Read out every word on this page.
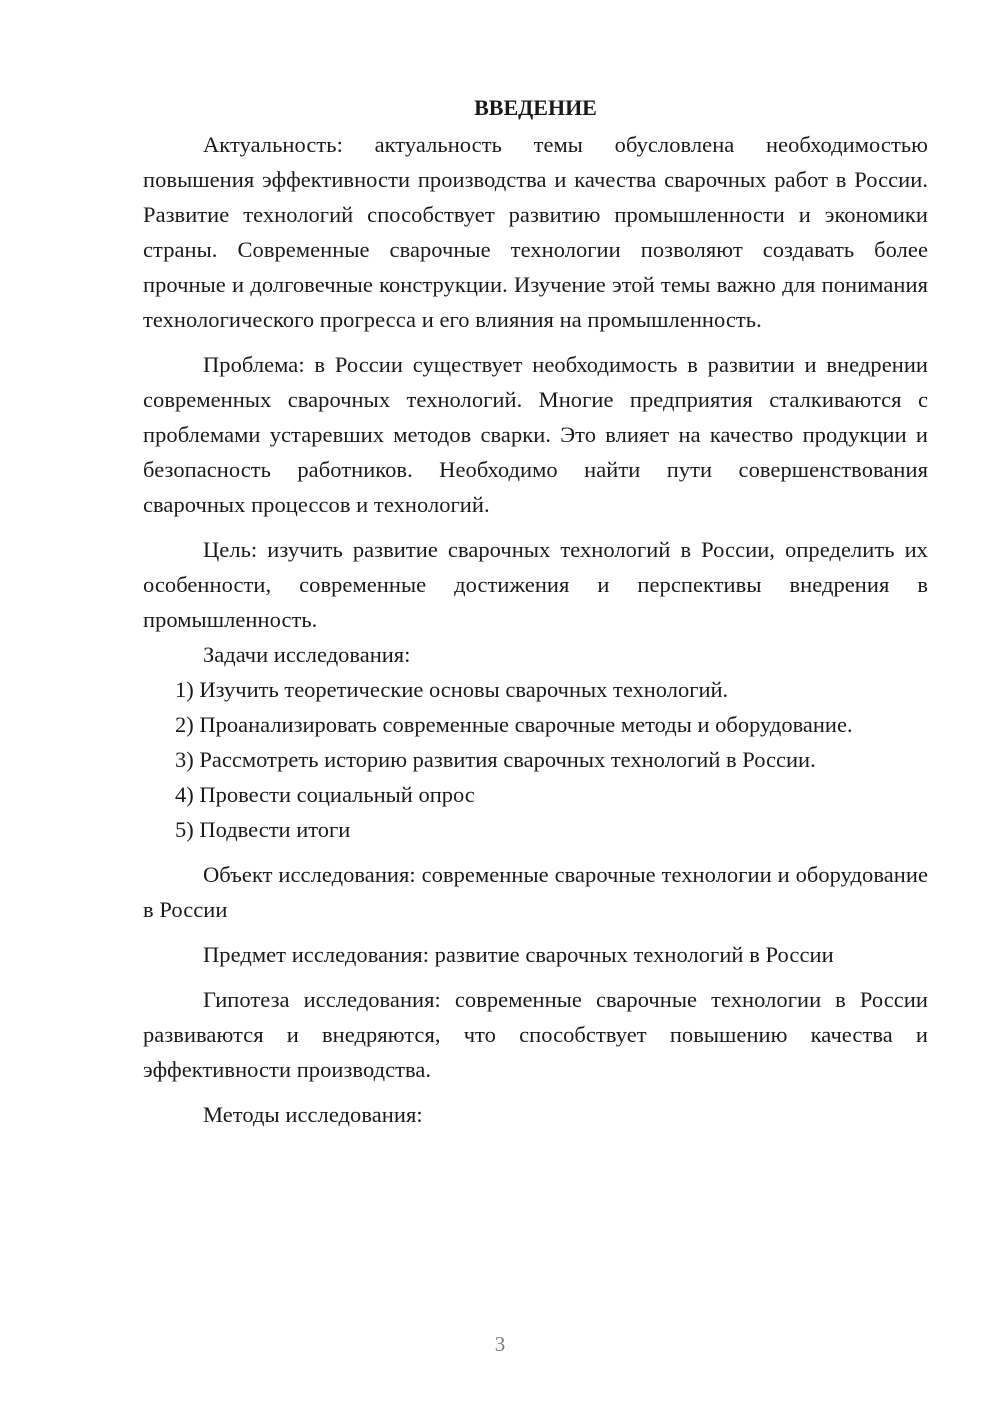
ВВЕДЕНИЕ

Актуальность: актуальность темы обусловлена необходимостью повышения эффективности производства и качества сварочных работ в России. Развитие технологий способствует развитию промышленности и экономики страны. Современные сварочные технологии позволяют создавать более прочные и долговечные конструкции. Изучение этой темы важно для понимания технологического прогресса и его влияния на промышленность.

Проблема: в России существует необходимость в развитии и внедрении современных сварочных технологий. Многие предприятия сталкиваются с проблемами устаревших методов сварки. Это влияет на качество продукции и безопасность работников. Необходимо найти пути совершенствования сварочных процессов и технологий.

Цель: изучить развитие сварочных технологий в России, определить их особенности, современные достижения и перспективы внедрения в промышленность.

Задачи исследования:

1) Изучить теоретические основы сварочных технологий.

2) Проанализировать современные сварочные методы и оборудование.

3) Рассмотреть историю развития сварочных технологий в России.

4) Провести социальный опрос

5) Подвести итоги

Объект исследования: современные сварочные технологии и оборудование в России

Предмет исследования: развитие сварочных технологий в России

Гипотеза исследования: современные сварочные технологии в России развиваются и внедряются, что способствует повышению качества и эффективности производства.

Методы исследования:

3
